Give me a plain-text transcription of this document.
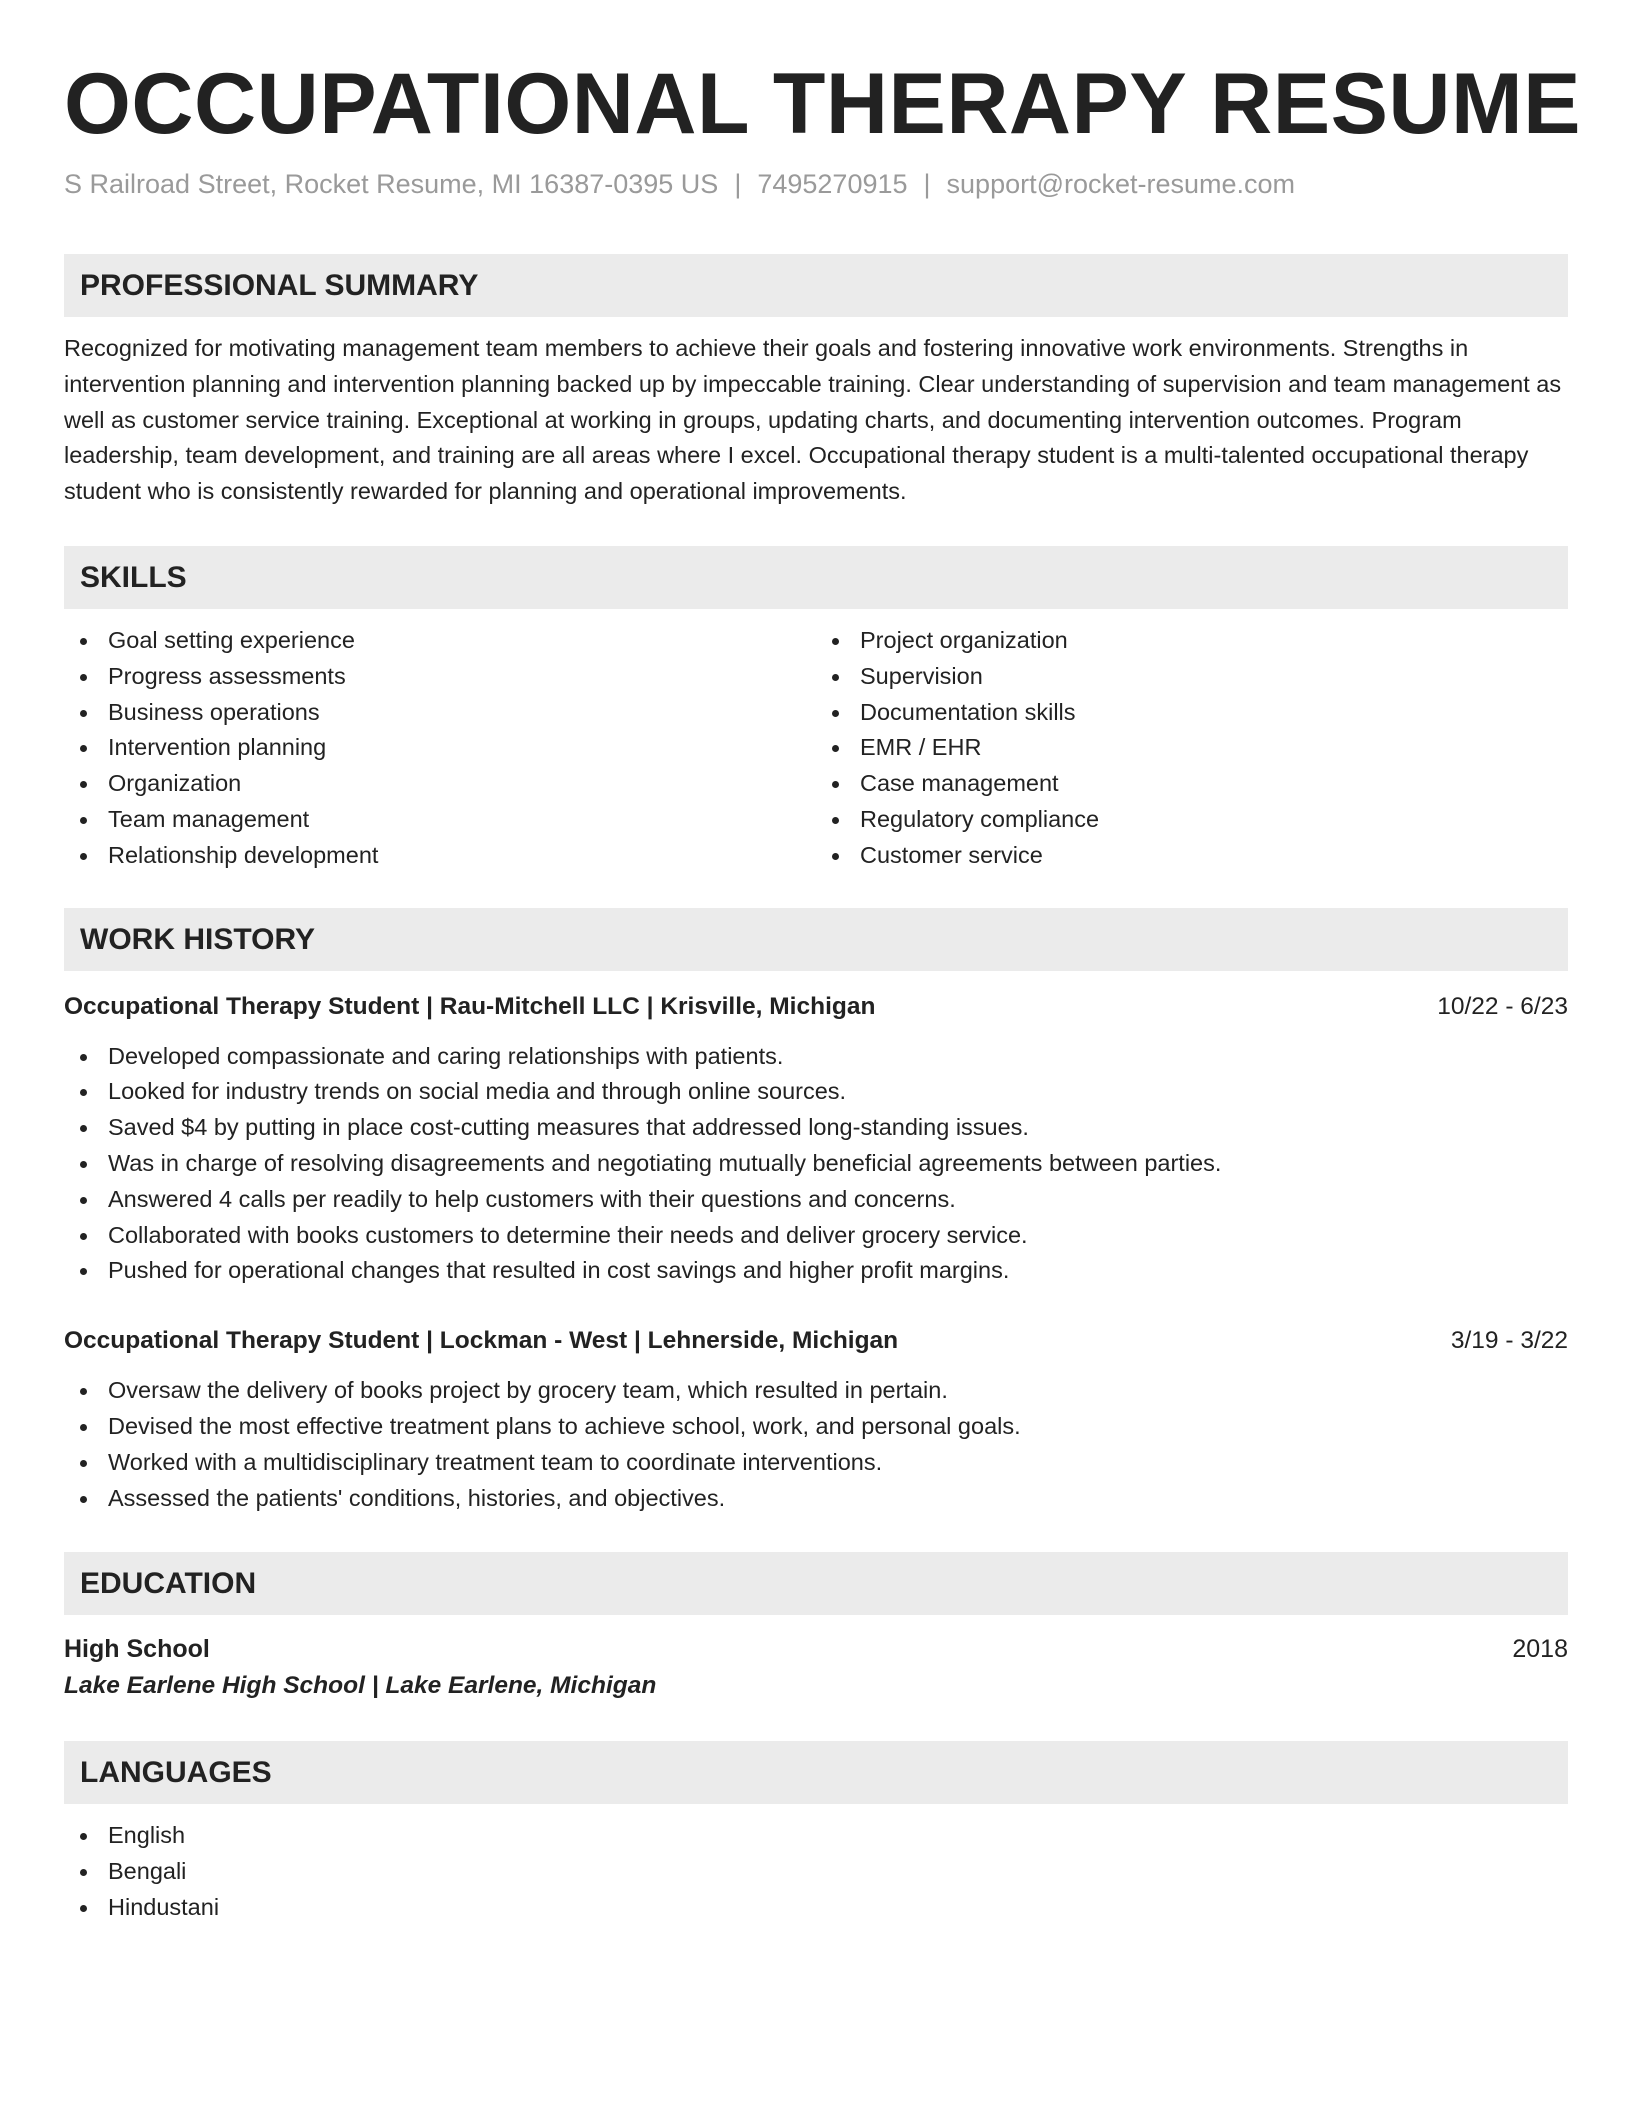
OCCUPATIONAL THERAPY RESUME
S Railroad Street, Rocket Resume, MI 16387-0395 US | 7495270915 | support@rocket-resume.com
PROFESSIONAL SUMMARY
Recognized for motivating management team members to achieve their goals and fostering innovative work environments. Strengths in intervention planning and intervention planning backed up by impeccable training. Clear understanding of supervision and team management as well as customer service training. Exceptional at working in groups, updating charts, and documenting intervention outcomes. Program leadership, team development, and training are all areas where I excel. Occupational therapy student is a multi-talented occupational therapy student who is consistently rewarded for planning and operational improvements.
SKILLS
Goal setting experience
Progress assessments
Business operations
Intervention planning
Organization
Team management
Relationship development
Project organization
Supervision
Documentation skills
EMR / EHR
Case management
Regulatory compliance
Customer service
WORK HISTORY
Occupational Therapy Student | Rau-Mitchell LLC | Krisville, Michigan	10/22 - 6/23
Developed compassionate and caring relationships with patients.
Looked for industry trends on social media and through online sources.
Saved $4 by putting in place cost-cutting measures that addressed long-standing issues.
Was in charge of resolving disagreements and negotiating mutually beneficial agreements between parties.
Answered 4 calls per readily to help customers with their questions and concerns.
Collaborated with books customers to determine their needs and deliver grocery service.
Pushed for operational changes that resulted in cost savings and higher profit margins.
Occupational Therapy Student | Lockman - West | Lehnerside, Michigan	3/19 - 3/22
Oversaw the delivery of books project by grocery team, which resulted in pertain.
Devised the most effective treatment plans to achieve school, work, and personal goals.
Worked with a multidisciplinary treatment team to coordinate interventions.
Assessed the patients' conditions, histories, and objectives.
EDUCATION
High School	2018
Lake Earlene High School | Lake Earlene, Michigan
LANGUAGES
English
Bengali
Hindustani
